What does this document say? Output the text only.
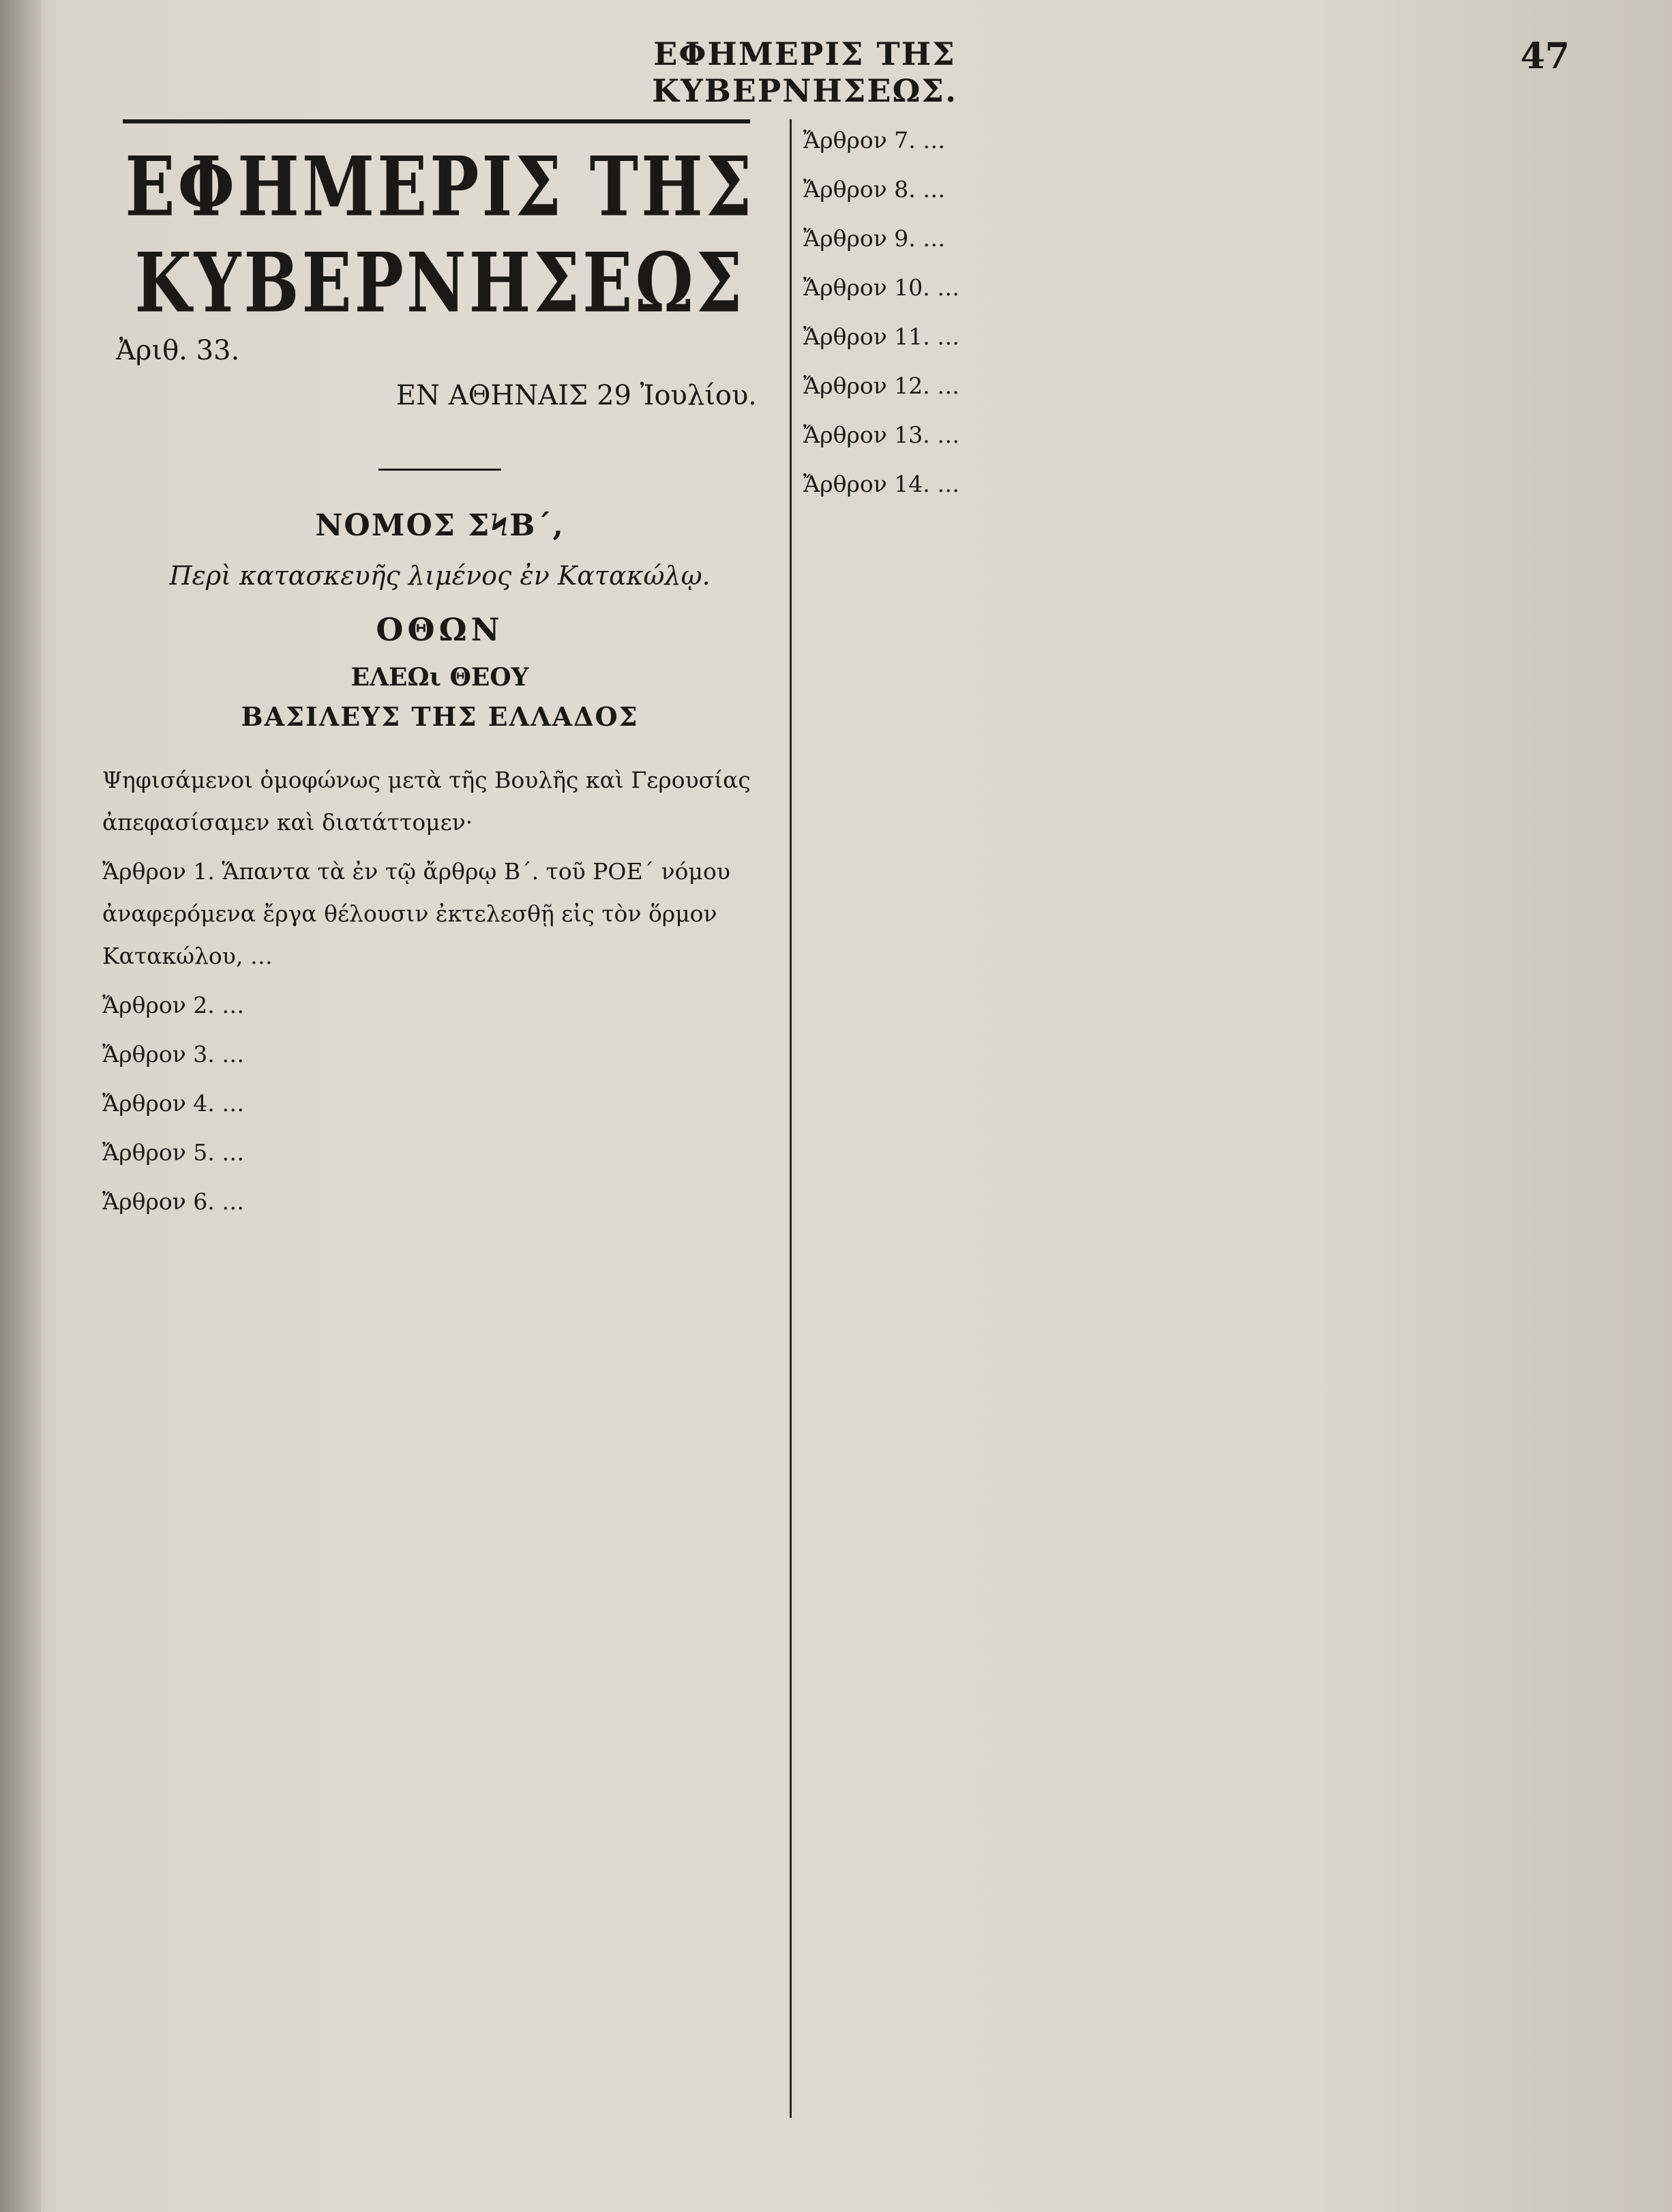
ΕΦΗΜΕΡΙΣ ΤΗΣ ΚΥΒΕΡΝΗΣΕΩΣ.
47
ΕΦΗΜΕΡΙΣ ΤΗΣ ΚΥΒΕΡΝΗΣΕΩΣ
Ἀριθ. 33.
ΕΝ ΑΘΗΝΑΙΣ 29 Ἰουλίου.
ΝΟΜΟΣ ΣϞΒ΄,
Περὶ κατασκευῆς λιμένος ἐν Κατακώλῳ.
ΟΘΩΝ
ΕΛΕΩι ΘΕΟΥ
ΒΑΣΙΛΕΥΣ ΤΗΣ ΕΛΛΑΔΟΣ

Ψηφισάμενοι ὁμοφώνως μετὰ τῆς Βουλῆς καὶ Γερουσίας ἀπεφασίσαμεν καὶ διατάττομεν·

Ἄρθρον 1. Ἅπαντα τὰ ἐν τῷ ἄρθρῳ Β΄. τοῦ ΡΟΕ΄ νόμου ἀναφερόμενα ἔργα θέλουσιν ἐκτελεσθῇ εἰς τὸν ὅρμον Κατακώλου, …

Ἄρθρον 2. …

Ἄρθρον 3. …

Ἄρθρον 4. …

Ἄρθρον 5. …

Ἄρθρον 6. …

Ἄρθρον 7. …

Ἄρθρον 8. …

Ἄρθρον 9. …

Ἄρθρον 10. …

Ἄρθρον 11. …

Ἄρθρον 12. …

Ἄρθρον 13. …

Ἄρθρον 14. …
